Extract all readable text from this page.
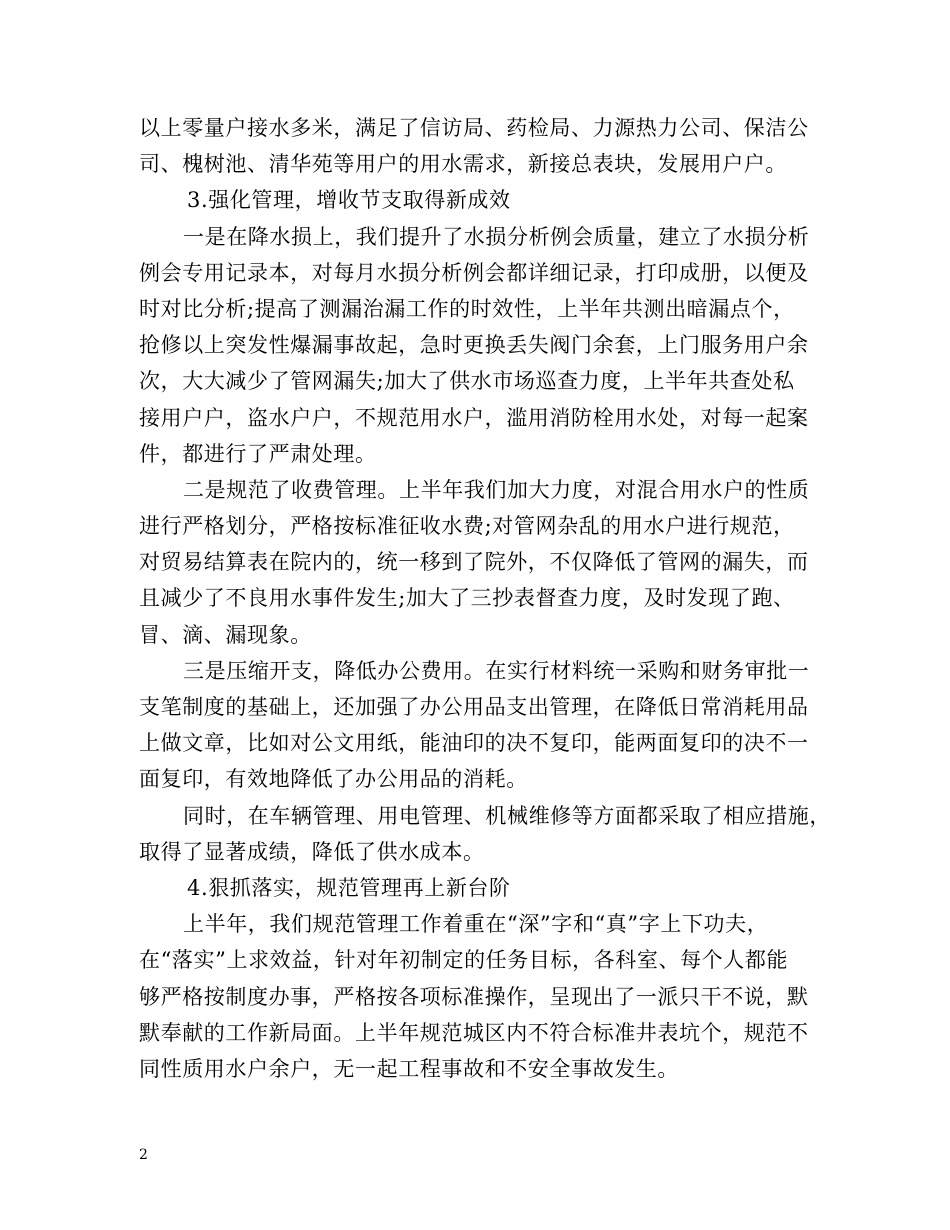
以上零量户接水多米，满足了信访局、药检局、力源热力公司、保洁公
司、槐树池、清华苑等用户的用水需求，新接总表块，发展用户户。
3.强化管理，增收节支取得新成效
一是在降水损上，我们提升了水损分析例会质量，建立了水损分析
例会专用记录本，对每月水损分析例会都详细记录，打印成册，以便及
时对比分析;提高了测漏治漏工作的时效性，上半年共测出暗漏点个，
抢修以上突发性爆漏事故起，急时更换丢失阀门余套，上门服务用户余
次，大大减少了管网漏失;加大了供水市场巡查力度，上半年共查处私
接用户户，盗水户户，不规范用水户，滥用消防栓用水处，对每一起案
件，都进行了严肃处理。
二是规范了收费管理。上半年我们加大力度，对混合用水户的性质
进行严格划分，严格按标准征收水费;对管网杂乱的用水户进行规范，
对贸易结算表在院内的，统一移到了院外，不仅降低了管网的漏失，而
且减少了不良用水事件发生;加大了三抄表督查力度，及时发现了跑、
冒、滴、漏现象。
三是压缩开支，降低办公费用。在实行材料统一采购和财务审批一
支笔制度的基础上，还加强了办公用品支出管理，在降低日常消耗用品
上做文章，比如对公文用纸，能油印的决不复印，能两面复印的决不一
面复印，有效地降低了办公用品的消耗。
同时，在车辆管理、用电管理、机械维修等方面都采取了相应措施，
取得了显著成绩，降低了供水成本。
4.狠抓落实，规范管理再上新台阶
上半年，我们规范管理工作着重在“深”字和“真”字上下功夫，
在“落实”上求效益，针对年初制定的任务目标，各科室、每个人都能
够严格按制度办事，严格按各项标准操作，呈现出了一派只干不说，默
默奉献的工作新局面。上半年规范城区内不符合标准井表坑个，规范不
同性质用水户余户，无一起工程事故和不安全事故发生。
2
